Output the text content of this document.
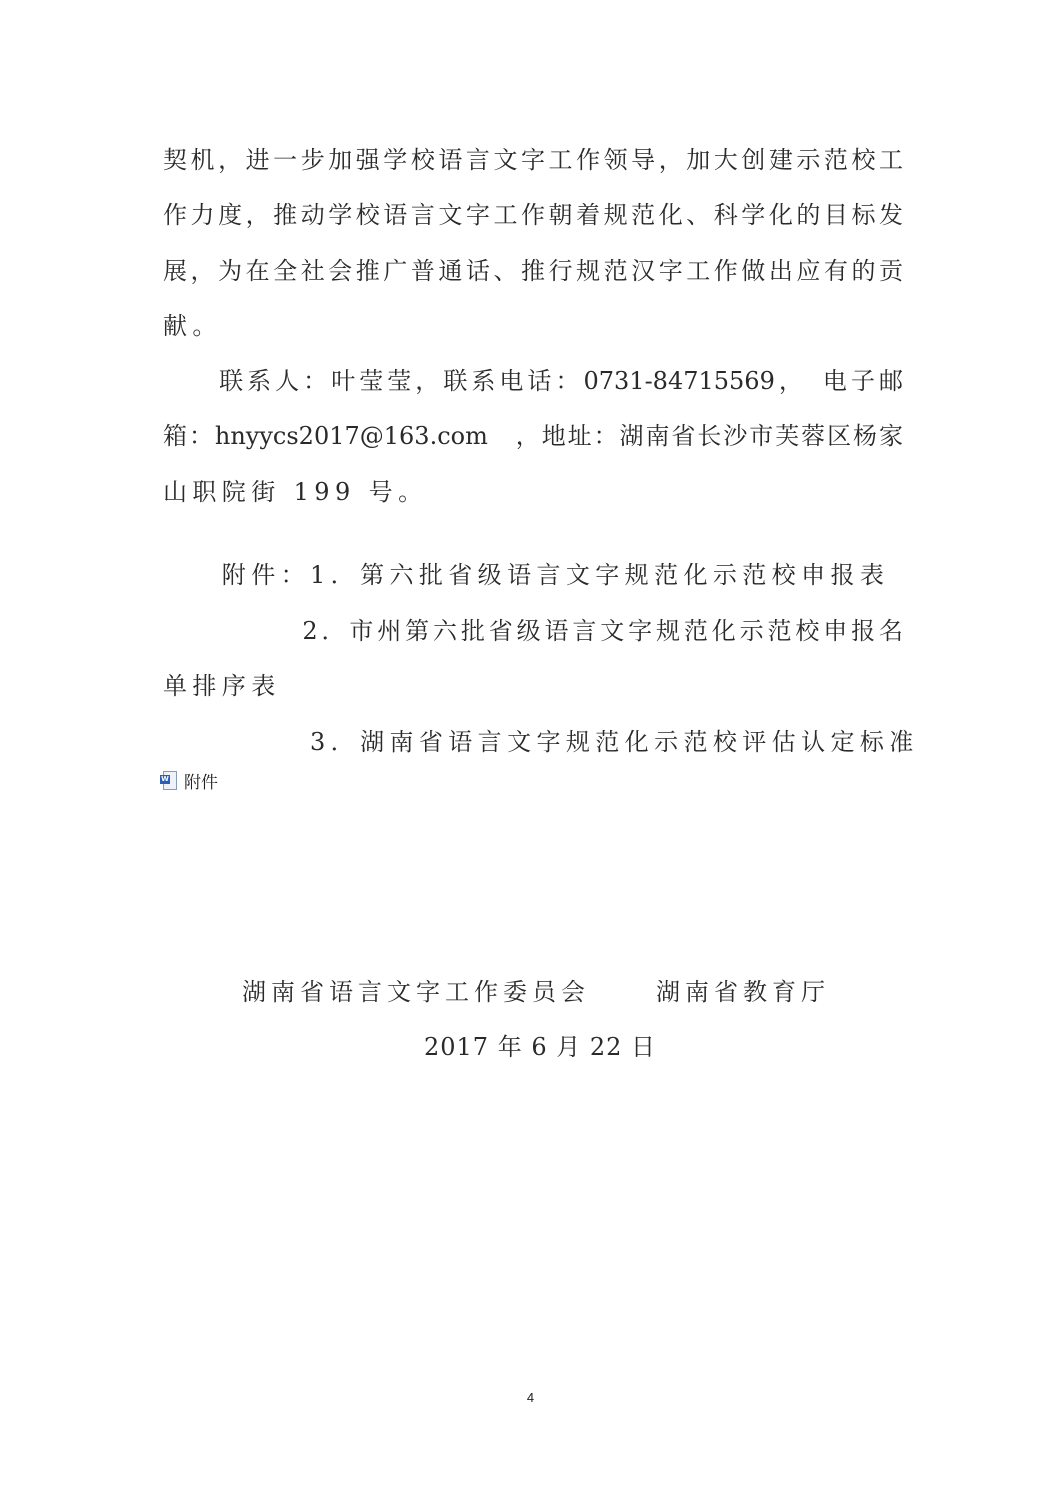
契机，进一步加强学校语言文字工作领导，加大创建示范校工
作力度，推动学校语言文字工作朝着规范化、科学化的目标发
展，为在全社会推广普通话、推行规范汉字工作做出应有的贡
献。
　　联系人：叶莹莹，联系电话：0731-84715569，　电子邮
箱：hnyycs2017@163.com　，地址：湖南省长沙市芙蓉区杨家
山职院街 199 号。
　　附件：1．第六批省级语言文字规范化示范校申报表
　　　　　2．市州第六批省级语言文字规范化示范校申报名
单排序表
　　　　　3．湖南省语言文字规范化示范校评估认定标准
W 附件
湖南省语言文字工作委员会	湖南省教育厅
2017 年 6 月 22 日
4
